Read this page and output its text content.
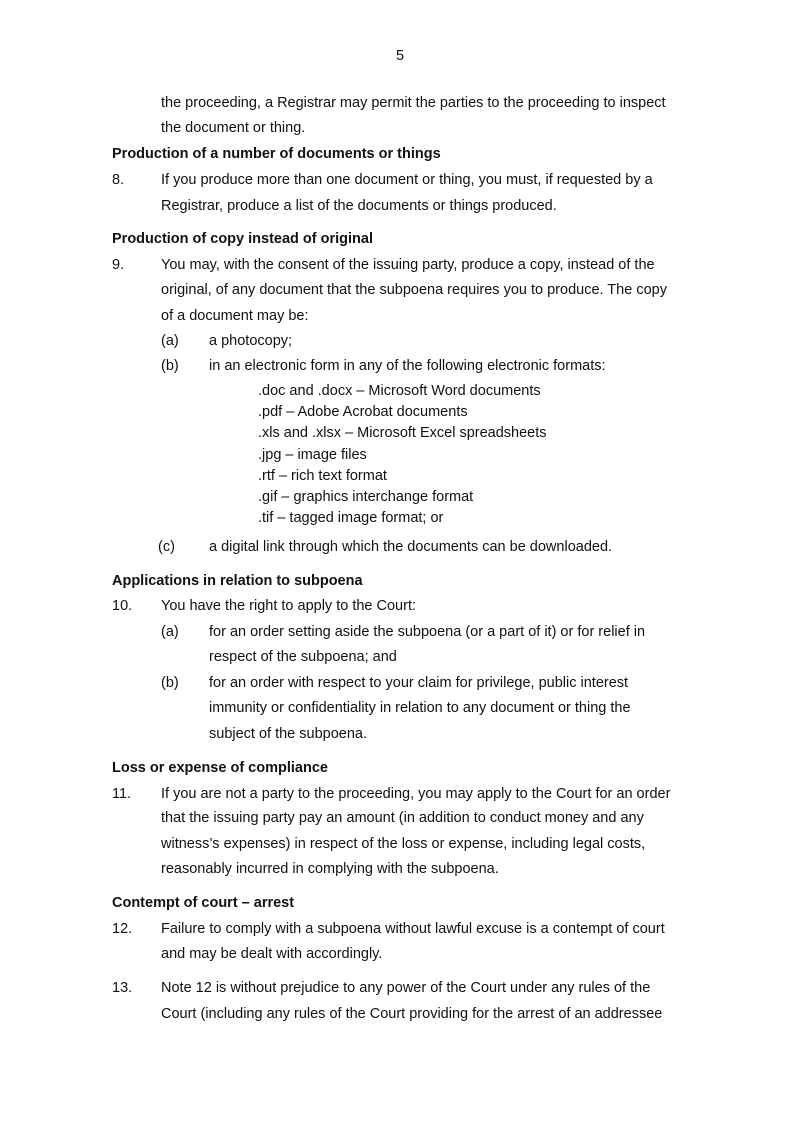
5
the proceeding, a Registrar may permit the parties to the proceeding to inspect
the document or thing.
Production of a number of documents or things
8.	If you produce more than one document or thing, you must, if requested by a
Registrar, produce a list of the documents or things produced.
Production of copy instead of original
9.	You may, with the consent of the issuing party, produce a copy, instead of the
original, of any document that the subpoena requires you to produce. The copy
of a document may be:
(a) a photocopy;
(b) in an electronic form in any of the following electronic formats:
.doc and .docx – Microsoft Word documents
.pdf – Adobe Acrobat documents
.xls and .xlsx – Microsoft Excel spreadsheets
.jpg – image files
.rtf – rich text format
.gif – graphics interchange format
.tif – tagged image format; or
(c) a digital link through which the documents can be downloaded.
Applications in relation to subpoena
10. You have the right to apply to the Court:
(a) for an order setting aside the subpoena (or a part of it) or for relief in
respect of the subpoena; and
(b) for an order with respect to your claim for privilege, public interest
immunity or confidentiality in relation to any document or thing the
subject of the subpoena.
Loss or expense of compliance
11. If you are not a party to the proceeding, you may apply to the Court for an order
that the issuing party pay an amount (in addition to conduct money and any
witness’s expenses) in respect of the loss or expense, including legal costs,
reasonably incurred in complying with the subpoena.
Contempt of court – arrest
12. Failure to comply with a subpoena without lawful excuse is a contempt of court
and may be dealt with accordingly.
13. Note 12 is without prejudice to any power of the Court under any rules of the
Court (including any rules of the Court providing for the arrest of an addressee
